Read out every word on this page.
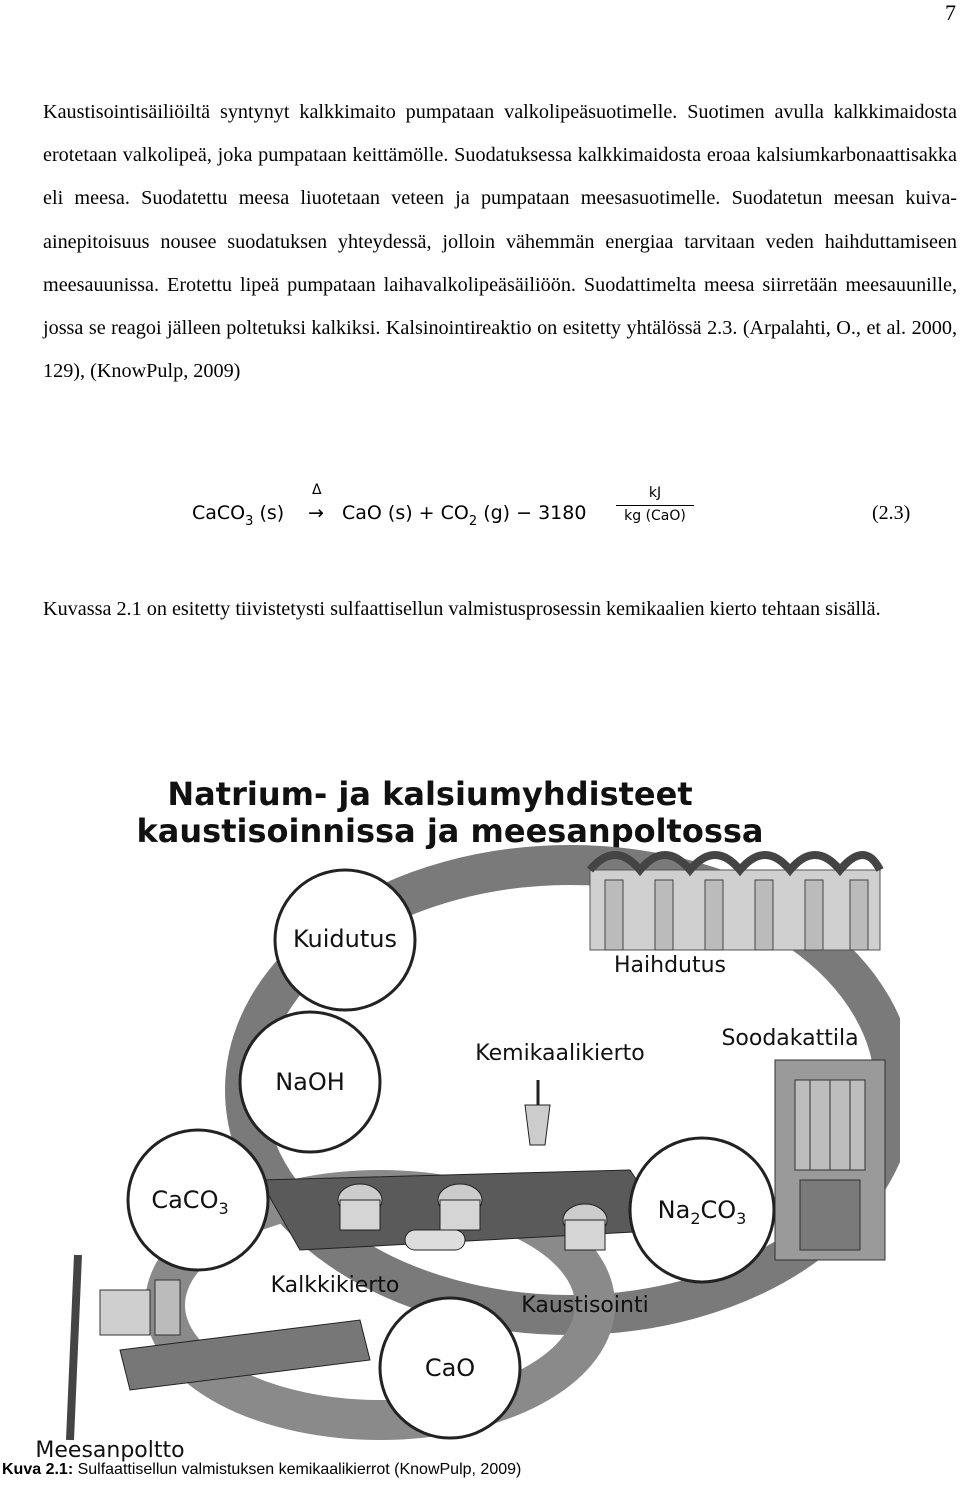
7

Kaustisointisäiliöiltä syntynyt kalkkimaito pumpataan valkolipeäsuotimelle. Suotimen avulla kalkkimaidosta erotetaan valkolipeä, joka pumpataan keittämölle. Suodatuksessa kalkkimaidosta eroaa kalsiumkarbonaattisakka eli meesa. Suodatettu meesa liuotetaan veteen ja pumpataan meesasuotimelle. Suodatetun meesan kuiva-ainepitoisuus nousee suodatuksen yhteydessä, jolloin vähemmän energiaa tarvitaan veden haihduttamiseen meesauunissa. Erotettu lipeä pumpataan laihavalkolipeäsäiliöön. Suodattimelta meesa siirretään meesauunille, jossa se reagoi jälleen poltetuksi kalkiksi. Kalsinointireaktio on esitetty yhtälössä 2.3. (Arpalahti, O., et al. 2000, 129), (KnowPulp, 2009)

CaCO$_3$ (s)
Δ
→ CaO $(s) + CO_2$ (g) − 3180
kJ
kg (CaO)	(2.3)

Kuvassa 2.1 on esitetty tiivistetysti sulfaattisellun valmistusprosessin kemikaalien kierto tehtaan sisällä.

Natrium- ja kalsiumyhdisteet
kaustisoinnissa ja meesanpoltossa
Kuidutus
NaOH
CaCO$_3$	$Na_2CO_3$
CaO
Haihdutus
Kemikaalikierto
Soodakattila
Kalkkikierto
Kaustisointi
Meesanpoltto
Kuva 2.1: Sulfaattisellun valmistuksen kemikaalikierrot (KnowPulp, 2009)
